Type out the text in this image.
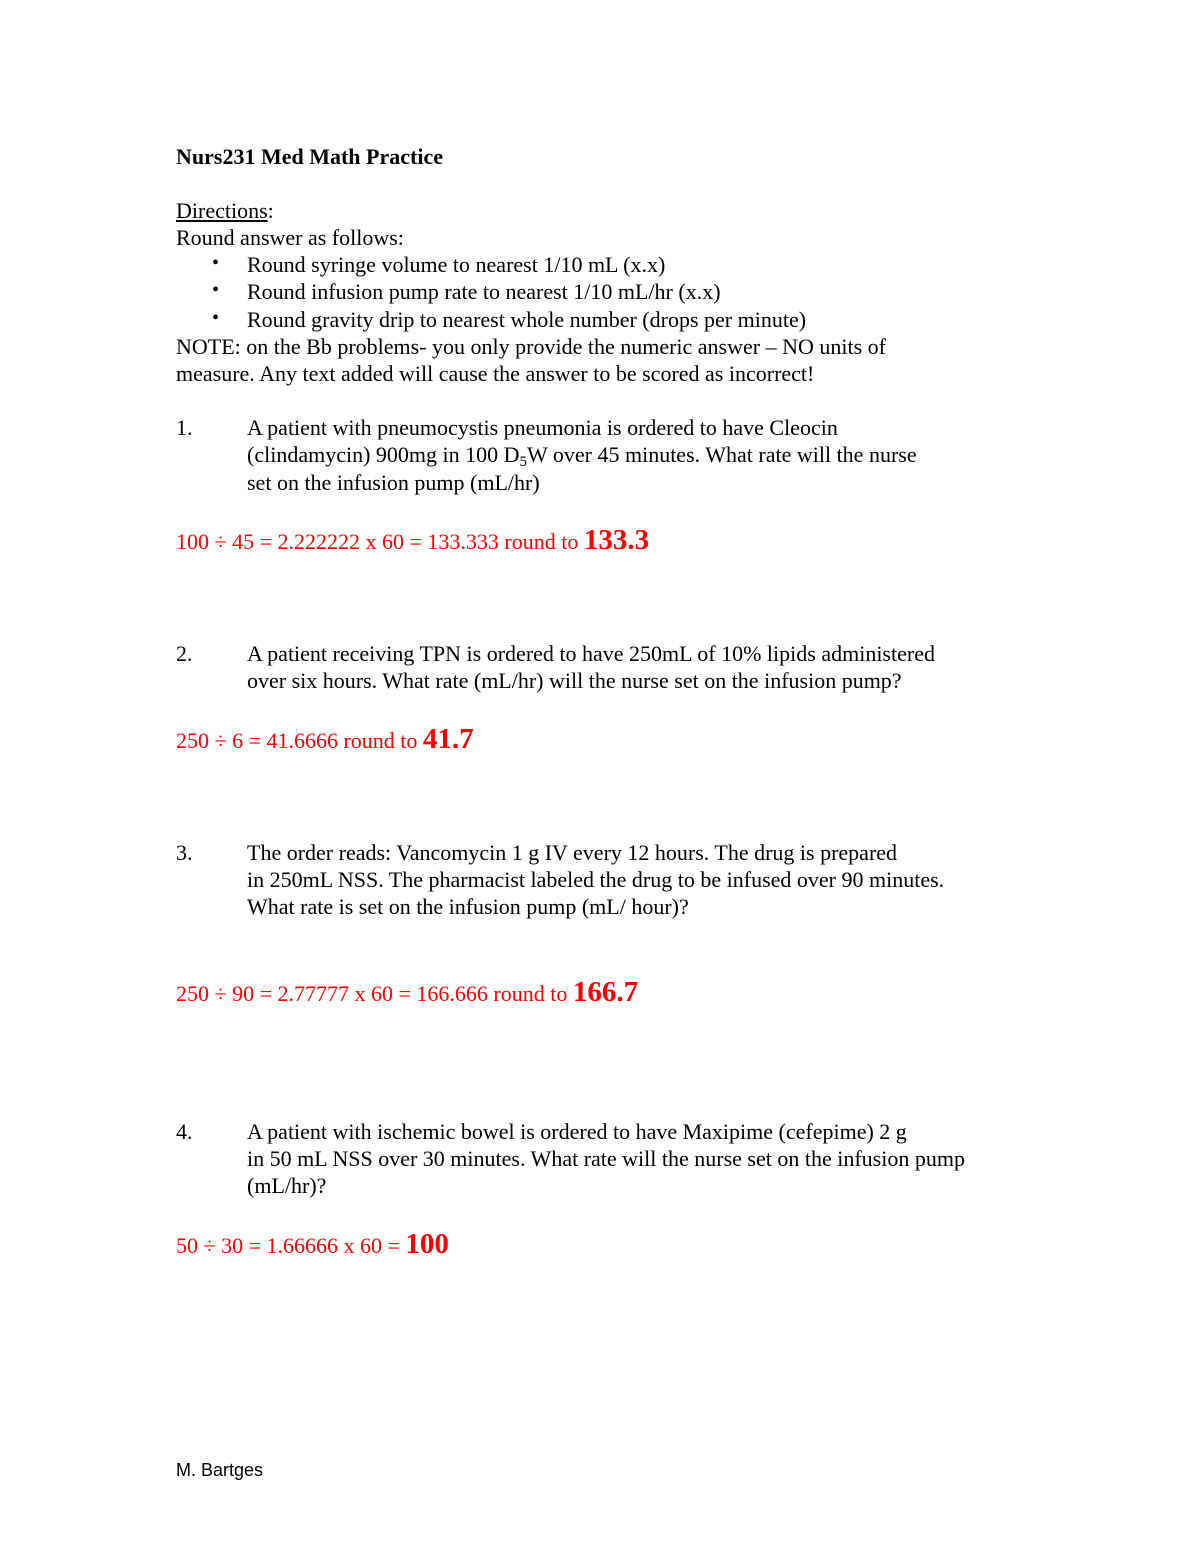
Nurs231 Med Math Practice
Directions:
Round answer as follows:
• Round syringe volume to nearest 1/10 mL (x.x)
• Round infusion pump rate to nearest 1/10 mL/hr (x.x)
• Round gravity drip to nearest whole number (drops per minute)
NOTE: on the Bb problems- you only provide the numeric answer – NO units of
measure. Any text added will cause the answer to be scored as incorrect!
1. A patient with pneumocystis pneumonia is ordered to have Cleocin
(clindamycin) 900mg in 100 $D_5W$ over 45 minutes. What rate will the nurse
set on the infusion pump (mL/hr)
100 ÷ 45 = 2.222222 x 60 = 133.333 round to 133.3
2. A patient receiving TPN is ordered to have 250mL of 10% lipids administered
over six hours. What rate (mL/hr) will the nurse set on the infusion pump?
250 ÷ 6 = 41.6666 round to 41.7
3. The order reads: Vancomycin 1 g IV every 12 hours. The drug is prepared
in 250mL NSS. The pharmacist labeled the drug to be infused over 90 minutes.
What rate is set on the infusion pump (mL/ hour)?
250 ÷ 90 = 2.77777 x 60 = 166.666 round to 166.7
4. A patient with ischemic bowel is ordered to have Maxipime (cefepime) 2 g
in 50 mL NSS over 30 minutes. What rate will the nurse set on the infusion pump
(mL/hr)?
50 ÷ 30 = 1.66666 x 60 = 100
M. Bartges
